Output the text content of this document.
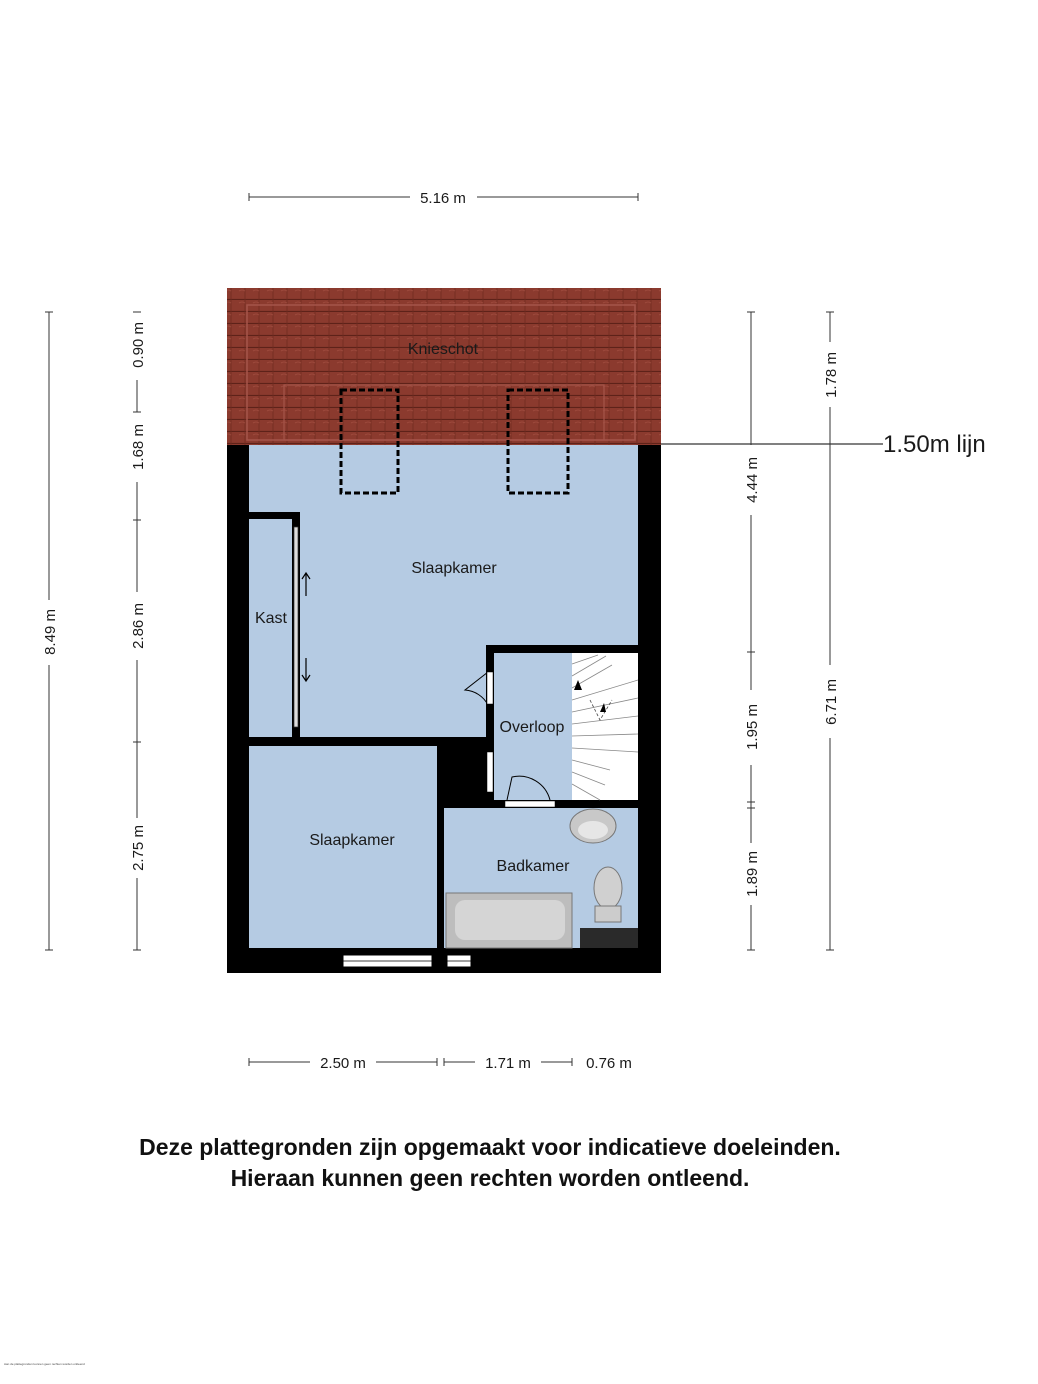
Knieschot
Slaapkamer
Kast
Overloop
Slaapkamer
Badkamer
1.50m lijn
5.16 m
8.49 m
0.90 m
1.68 m
2.86 m
2.75 m
4.44 m
1.95 m
1.89 m
1.78 m
6.71 m
2.50 m	1.71 m	0.76 m
Deze plattegronden zijn opgemaakt voor indicatieve doeleinden.
Hieraan kunnen geen rechten worden ontleend.
Aan de plattegronden kunnen geen rechten worden ontleend
